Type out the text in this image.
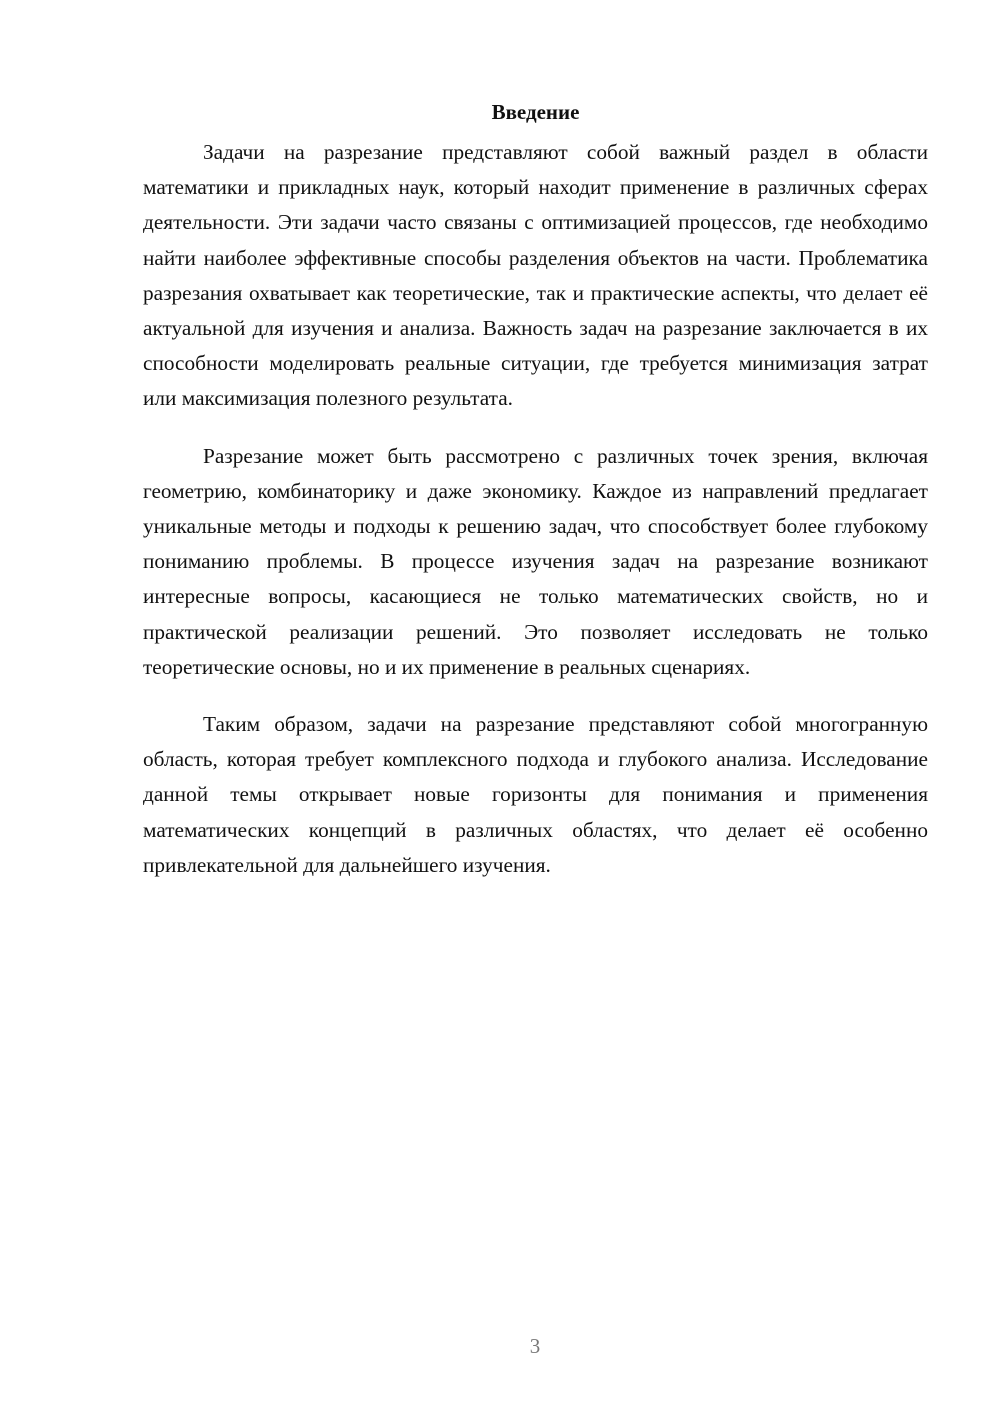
Введение

Задачи на разрезание представляют собой важный раздел в области математики и прикладных наук, который находит применение в различных сферах деятельности. Эти задачи часто связаны с оптимизацией процессов, где необходимо найти наиболее эффективные способы разделения объектов на части. Проблематика разрезания охватывает как теоретические, так и практические аспекты, что делает её актуальной для изучения и анализа. Важность задач на разрезание заключается в их способности моделировать реальные ситуации, где требуется минимизация затрат или максимизация полезного результата.

Разрезание может быть рассмотрено с различных точек зрения, включая геометрию, комбинаторику и даже экономику. Каждое из направлений предлагает уникальные методы и подходы к решению задач, что способствует более глубокому пониманию проблемы. В процессе изучения задач на разрезание возникают интересные вопросы, касающиеся не только математических свойств, но и практической реализации решений. Это позволяет исследовать не только теоретические основы, но и их применение в реальных сценариях.

Таким образом, задачи на разрезание представляют собой многогранную область, которая требует комплексного подхода и глубокого анализа. Исследование данной темы открывает новые горизонты для понимания и применения математических концепций в различных областях, что делает её особенно привлекательной для дальнейшего изучения.

3
